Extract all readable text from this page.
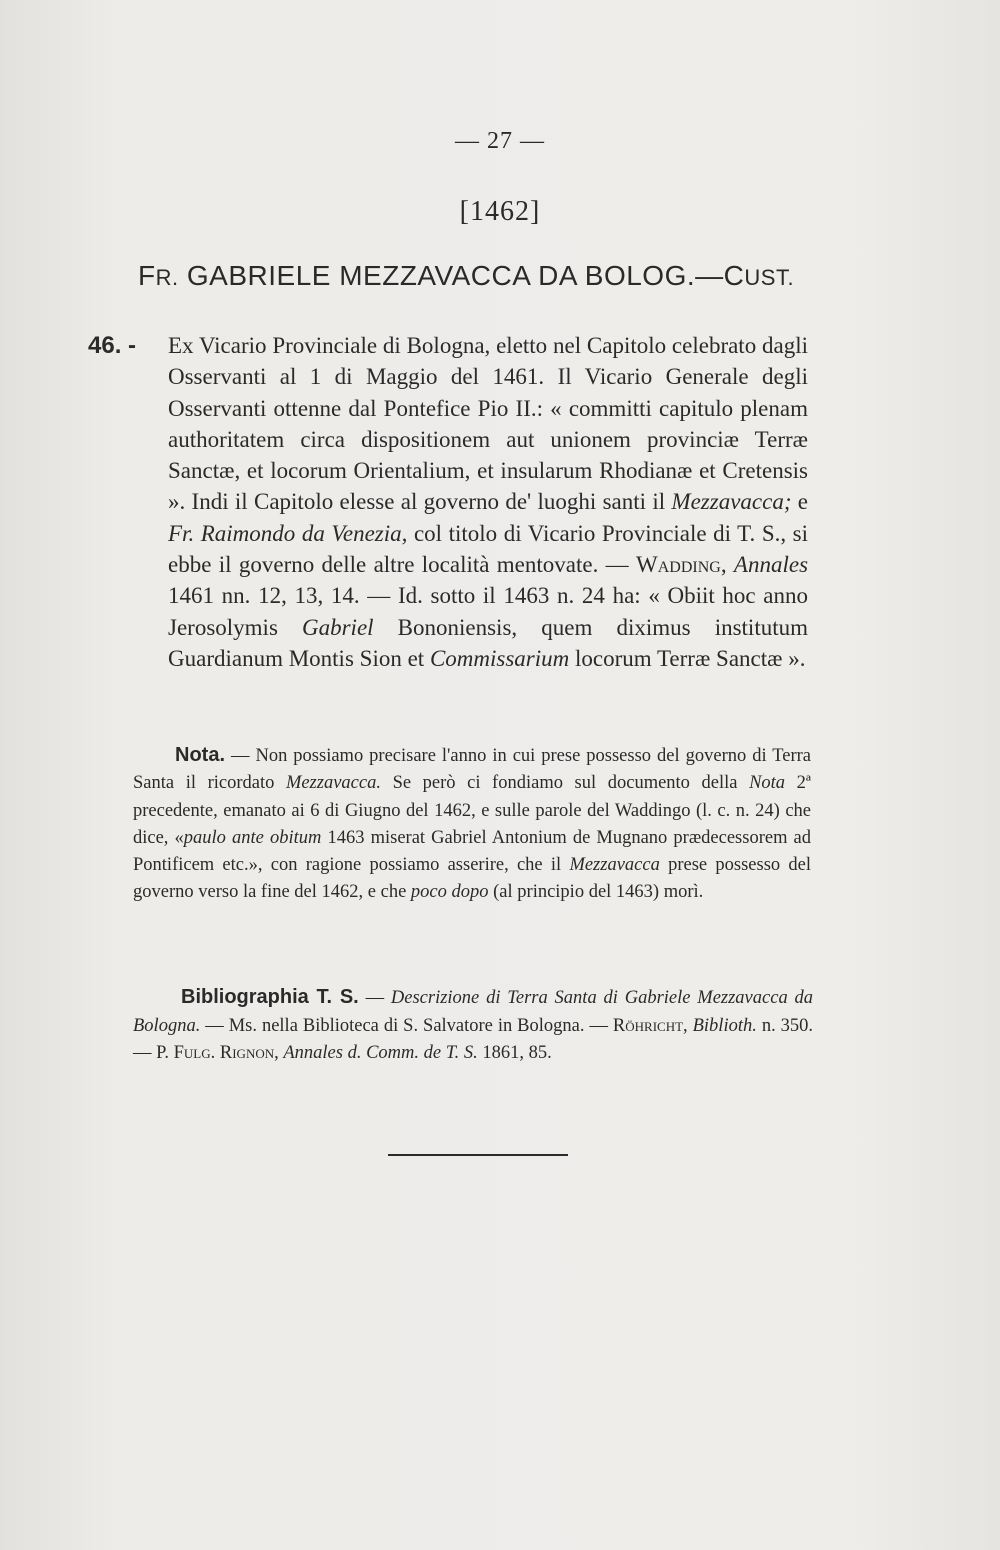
— 27 —
[1462]
FR. GABRIELE MEZZAVACCA DA BOLOG.—CUST.
46. -	Ex Vicario Provinciale di Bologna, eletto nel Capitolo celebrato dagli Osservanti al 1 di Maggio del 1461. Il Vicario Generale degli Osservanti ottenne dal Pontefice Pio II.: « committi capitulo plenam authoritatem circa dispositionem aut unionem provinciæ Terræ Sanctæ, et locorum Orientalium, et insularum Rhodianæ et Cretensis ». Indi il Capitolo elesse al governo de' luoghi santi il Mezzavacca; e Fr. Raimondo da Venezia, col titolo di Vicario Provinciale di T. S., si ebbe il governo delle altre località mentovate. — Wadding, Annales 1461 nn. 12, 13, 14. — Id. sotto il 1463 n. 24 ha: « Obiit hoc anno Jerosolymis Gabriel Bononiensis, quem diximus institutum Guardianum Montis Sion et Commissarium locorum Terræ Sanctæ ».
Nota. — Non possiamo precisare l'anno in cui prese possesso del governo di Terra Santa il ricordato Mezzavacca. Se però ci fondiamo sul documento della Nota 2ª precedente, emanato ai 6 di Giugno del 1462, e sulle parole del Waddingo (l. c. n. 24) che dice, «paulo ante obitum 1463 miserat Gabriel Antonium de Mugnano prædecessorem ad Pontificem etc.», con ragione possiamo asserire, che il Mezzavacca prese possesso del governo verso la fine del 1462, e che poco dopo (al principio del 1463) morì.
Bibliographia T. S. — Descrizione di Terra Santa di Gabriele Mezzavacca da Bologna. — Ms. nella Biblioteca di S. Salvatore in Bologna. — Röhricht, Biblioth. n. 350. — P. Fulg. Rignon, Annales d. Comm. de T. S. 1861, 85.
